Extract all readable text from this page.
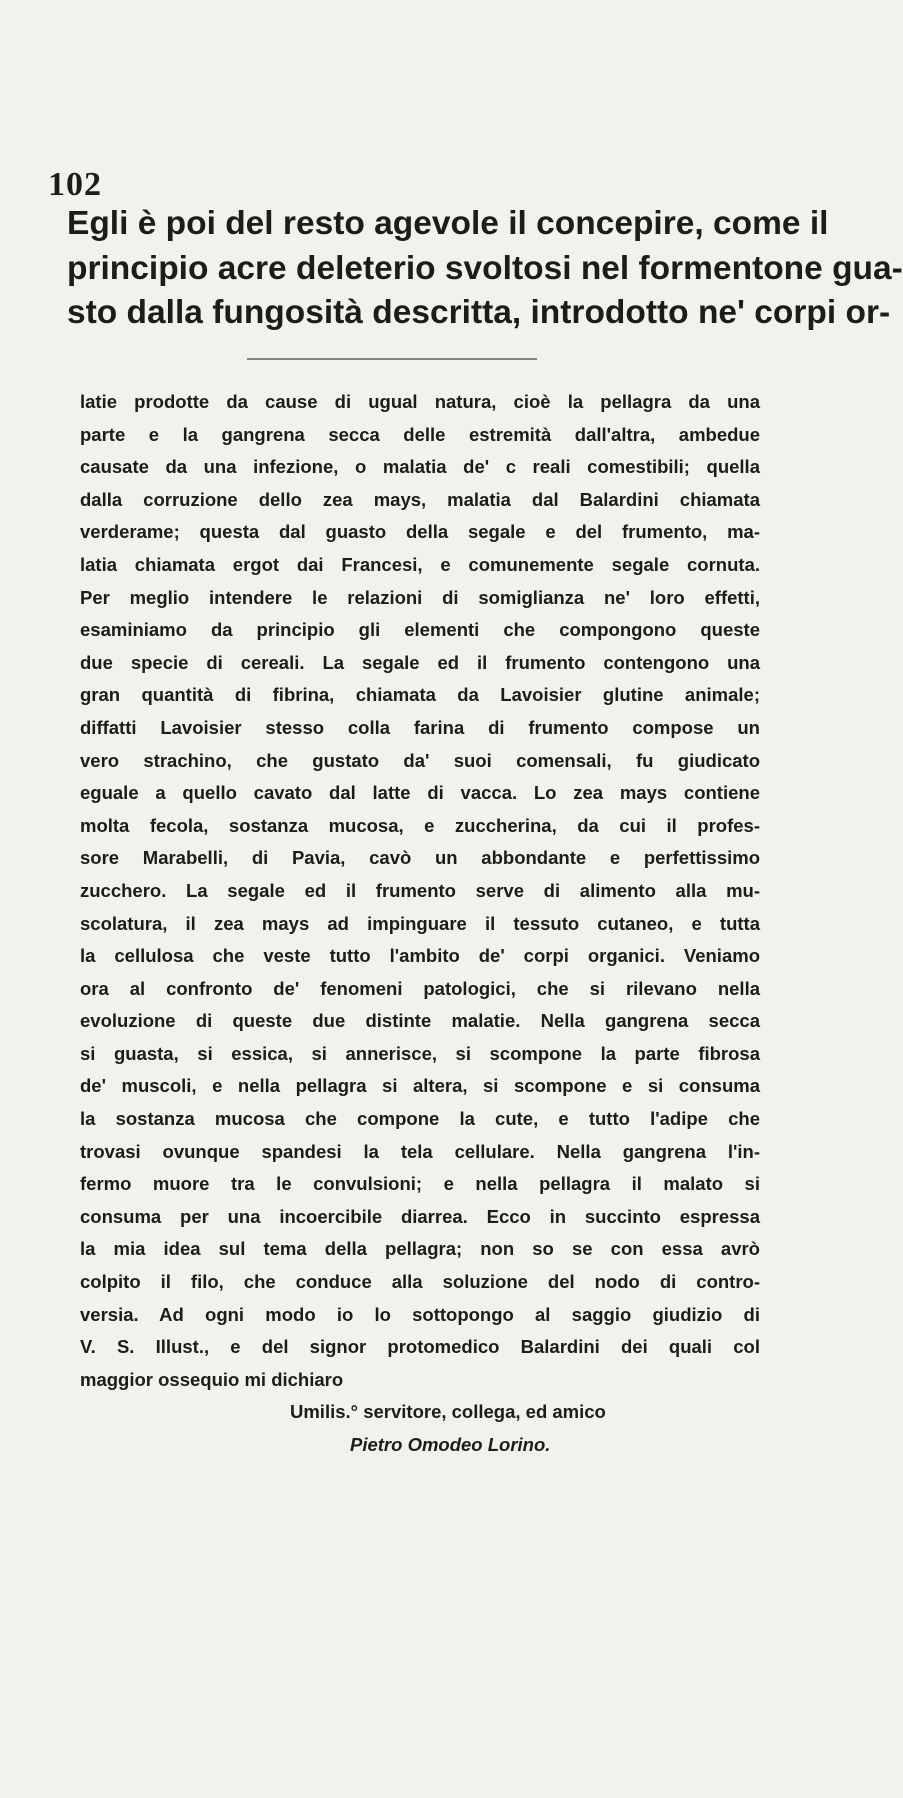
102
Egli è poi del resto agevole il concepire, come il
principio acre deleterio svoltosi nel formentone gua-
sto dalla fungosità descritta, introdotto ne' corpi or-
latie prodotte da cause di ugual natura, cioè la pellagra da una
parte e la gangrena secca delle estremità dall'altra, ambedue
causate da una infezione, o malatia de' c reali comestibili; quella
dalla corruzione dello zea mays, malatia dal Balardini chiamata
verderame; questa dal guasto della segale e del frumento, ma-
latia chiamata ergot dai Francesi, e comunemente segale cornuta.
Per meglio intendere le relazioni di somiglianza ne' loro effetti,
esaminiamo da principio gli elementi che compongono queste
due specie di cereali. La segale ed il frumento contengono una
gran quantità di fibrina, chiamata da Lavoisier glutine animale;
diffatti Lavoisier stesso colla farina di frumento compose un
vero strachino, che gustato da' suoi comensali, fu giudicato
eguale a quello cavato dal latte di vacca. Lo zea mays contiene
molta fecola, sostanza mucosa, e zuccherina, da cui il profes-
sore Marabelli, di Pavia, cavò un abbondante e perfettissimo
zucchero. La segale ed il frumento serve di alimento alla mu-
scolatura, il zea mays ad impinguare il tessuto cutaneo, e tutta
la cellulosa che veste tutto l'ambito de' corpi organici. Veniamo
ora al confronto de' fenomeni patologici, che si rilevano nella
evoluzione di queste due distinte malatie. Nella gangrena secca
si guasta, si essica, si annerisce, si scompone la parte fibrosa
de' muscoli, e nella pellagra si altera, si scompone e si consuma
la sostanza mucosa che compone la cute, e tutto l'adipe che
trovasi ovunque spandesi la tela cellulare. Nella gangrena l'in-
fermo muore tra le convulsioni; e nella pellagra il malato si
consuma per una incoercibile diarrea. Ecco in succinto espressa
la mia idea sul tema della pellagra; non so se con essa avrò
colpito il filo, che conduce alla soluzione del nodo di contro-
versia. Ad ogni modo io lo sottopongo al saggio giudizio di
V. S. Illust., e del signor protomedico Balardini dei quali col
maggior ossequio mi dichiaro
Umilis.° servitore, collega, ed amico
Pietro Omodeo Lorino.
